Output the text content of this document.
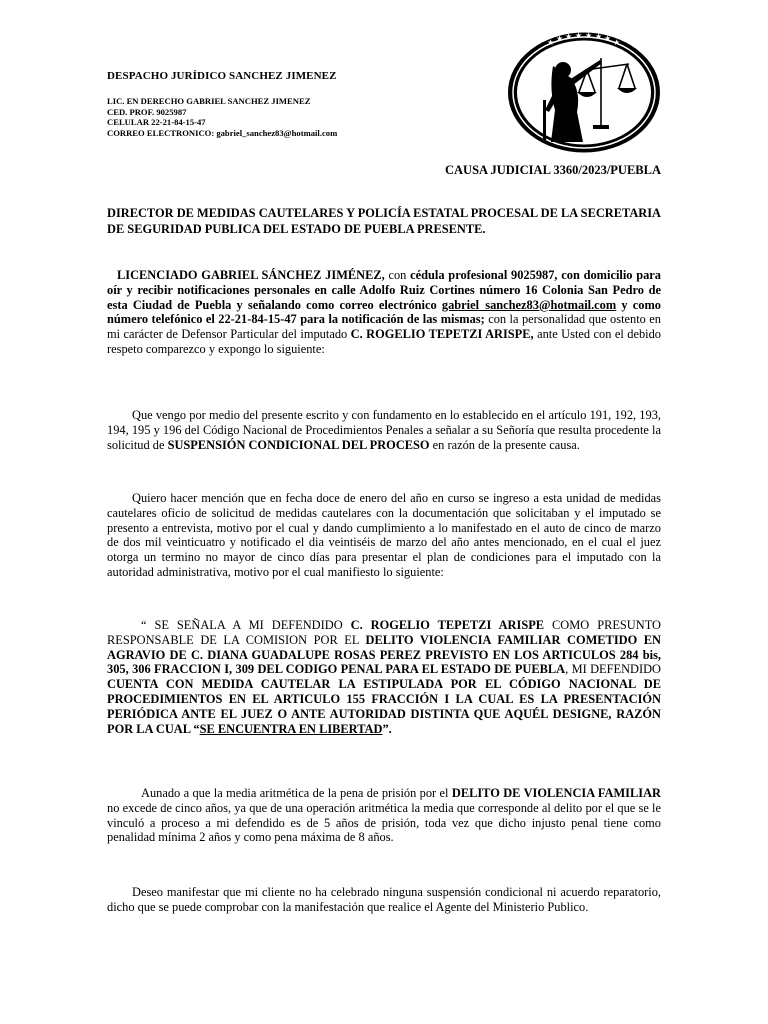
DESPACHO JURÍDICO SANCHEZ JIMENEZ
LIC. EN DERECHO GABRIEL SANCHEZ JIMENEZ
CED. PROF. 9025987
CELULAR 22-21-84-15-47
CORREO ELECTRONICO: gabriel_sanchez83@hotmail.com
★ ★ ★ ★ ★ ★ ★ ★
CAUSA JUDICIAL 3360/2023/PUEBLA
DIRECTOR DE MEDIDAS CAUTELARES Y POLICÍA ESTATAL PROCESAL DE LA SECRETARIA DE SEGURIDAD PUBLICA DEL ESTADO DE PUEBLA PRESENTE.
LICENCIADO GABRIEL SÁNCHEZ JIMÉNEZ, con cédula profesional 9025987, con domicilio para oír y recibir notificaciones personales en calle Adolfo Ruiz Cortines número 16 Colonia San Pedro de esta Ciudad de Puebla y señalando como correo electrónico gabriel_sanchez83@hotmail.com y como número telefónico el 22-21-84-15-47 para la notificación de las mismas; con la personalidad que ostento en mi carácter de Defensor Particular del imputado C. ROGELIO TEPETZI ARISPE, ante Usted con el debido respeto comparezco y expongo lo siguiente:
Que vengo por medio del presente escrito y con fundamento en lo establecido en el artículo 191, 192, 193, 194, 195 y 196 del Código Nacional de Procedimientos Penales a señalar a su Señoría que resulta procedente la solicitud de SUSPENSIÓN CONDICIONAL DEL PROCESO en razón de la presente causa.
Quiero hacer mención que en fecha doce de enero del año en curso se ingreso a esta unidad de medidas cautelares oficio de solicitud de medidas cautelares con la documentación que solicitaban y el imputado se presento a entrevista, motivo por el cual y dando cumplimiento a lo manifestado en el auto de cinco de marzo de dos mil veinticuatro y notificado el dia veintiséis de marzo del año antes mencionado, en el cual el juez otorga un termino no mayor de cinco días para presentar el plan de condiciones para el imputado con la autoridad administrativa, motivo por el cual manifiesto lo siguiente:
“ SE SEÑALA A MI DEFENDIDO C. ROGELIO TEPETZI ARISPE COMO PRESUNTO RESPONSABLE DE LA COMISION POR EL DELITO VIOLENCIA FAMILIAR COMETIDO EN AGRAVIO DE C. DIANA GUADALUPE ROSAS PEREZ PREVISTO EN LOS ARTICULOS 284 bis, 305, 306 FRACCION I, 309 DEL CODIGO PENAL PARA EL ESTADO DE PUEBLA, MI DEFENDIDO CUENTA CON MEDIDA CAUTELAR LA ESTIPULADA POR EL CÓDIGO NACIONAL DE PROCEDIMIENTOS EN EL ARTICULO 155 FRACCIÓN I LA CUAL ES LA PRESENTACIÓN PERIÓDICA ANTE EL JUEZ O ANTE AUTORIDAD DISTINTA QUE AQUÉL DESIGNE, RAZÓN POR LA CUAL “SE ENCUENTRA EN LIBERTAD”.
Aunado a que la media aritmética de la pena de prisión por el DELITO DE VIOLENCIA FAMILIAR no excede de cinco años, ya que de una operación aritmética la media que corresponde al delito por el que se le vinculó a proceso a mi defendido es de 5 años de prisión, toda vez que dicho injusto penal tiene como penalidad mínima 2 años y como pena máxima de 8 años.
Deseo manifestar que mi cliente no ha celebrado ninguna suspensión condicional ni acuerdo reparatorio, dicho que se puede comprobar con la manifestación que realice el Agente del Ministerio Publico.
